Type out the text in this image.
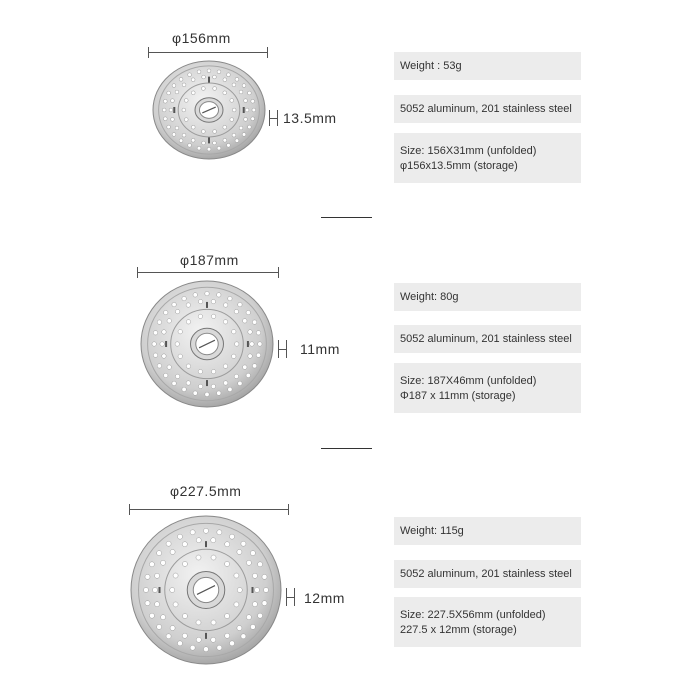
φ156mm
13.5mm
Weight : 53g
5052 aluminum, 201 stainless steel
Size: 156X31mm (unfolded)
φ156x13.5mm (storage)
φ187mm
11mm
Weight: 80g
5052 aluminum, 201 stainless steel
Size: 187X46mm (unfolded)
Φ187 x 11mm (storage)
φ227.5mm
12mm
Weight: 115g
5052 aluminum, 201 stainless steel
Size: 227.5X56mm (unfolded)
227.5 x 12mm (storage)
